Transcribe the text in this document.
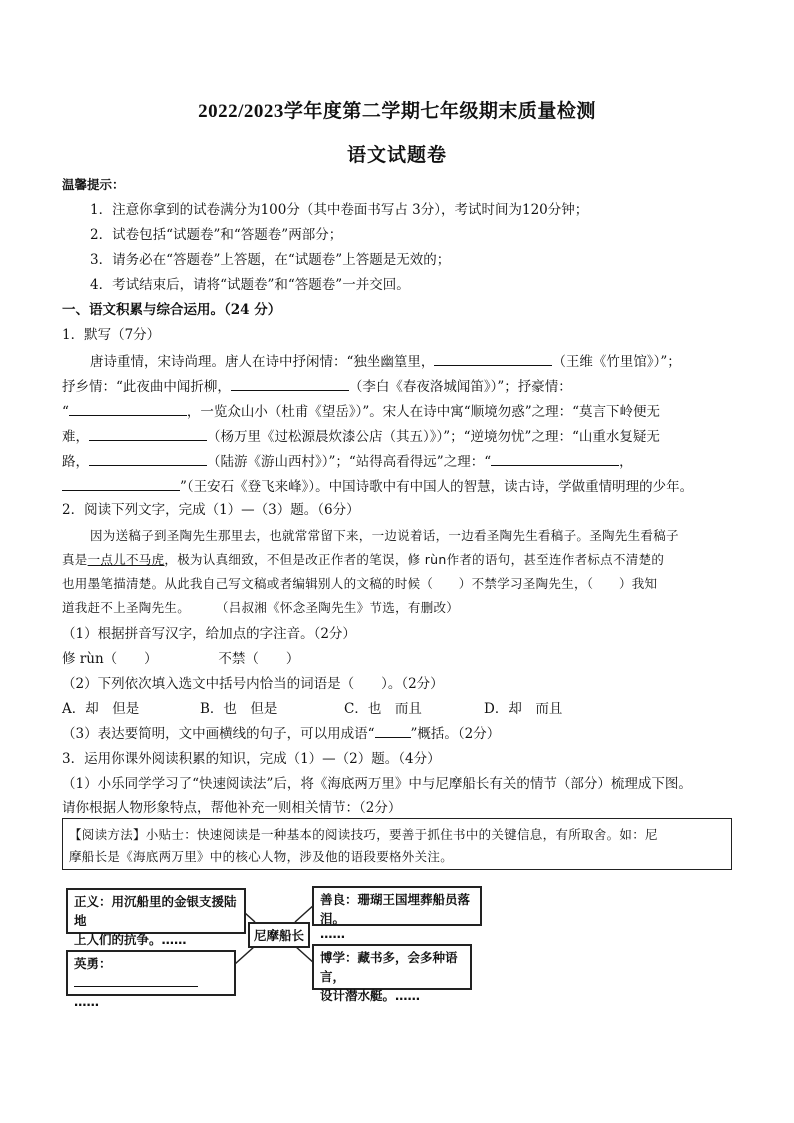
2022/2023学年度第二学期七年级期末质量检测
语文试题卷
温馨提示：
1．注意你拿到的试卷满分为100分（其中卷面书写占 3分），考试时间为120分钟；
2．试卷包括“试题卷”和“答题卷”两部分；
3．请务必在“答题卷”上答题，在“试题卷”上答题是无效的；
4．考试结束后，请将“试题卷”和“答题卷”一并交回。
一、语文积累与综合运用。（24 分）
1．默写（7分）
唐诗重情，宋诗尚理。唐人在诗中抒闲情：“独坐幽篁里，	（王维《竹里馆》）”；
抒乡情：“此夜曲中闻折柳，	（李白《春夜洛城闻笛》）”；抒豪情：
“	，一览众山小（杜甫《望岳》）”。宋人在诗中寓“顺境勿惑”之理：“莫言下岭便无
难，	（杨万里《过松源晨炊漆公店（其五）》）”；“逆境勿忧”之理：“山重水复疑无
路，	（陆游《游山西村》）”；“站得高看得远”之理：“	，
”（王安石《登飞来峰》）。中国诗歌中有中国人的智慧，读古诗，学做重情明理的少年。
2．阅读下列文字，完成（1）—（3）题。（6分）
因为送稿子到圣陶先生那里去，也就常常留下来，一边说着话，一边看圣陶先生看稿子。圣陶先生看稿子
真是一点儿不马虎，极为认真细致，不但是改正作者的笔误，修 rùn作者的语句，甚至连作者标点不清楚的
也用墨笔描清楚。从此我自己写文稿或者编辑别人的文稿的时候（　　）不禁学习圣陶先生，（　　）我知
道我赶不上圣陶先生。　　　（吕叔湘《怀念圣陶先生》节选，有删改）
（1）根据拼音写汉字，给加点的字注音。（2分）
修 rùn（　　）　　　　　不禁（　　）
（2）下列依次填入选文中括号内恰当的词语是（　　）。（2分）
A．却　但是	B．也　但是	C．也　而且	D．却　而且
（3）表达要简明，文中画横线的句子，可以用成语“	”概括。（2分）
3．运用你课外阅读积累的知识，完成（1）—（2）题。（4分）
（1）小乐同学学习了“快速阅读法”后，将《海底两万里》中与尼摩船长有关的情节（部分）梳理成下图。
请你根据人物形象特点，帮他补充一则相关情节：（2分）
【阅读方法】小贴士：快速阅读是一种基本的阅读技巧，要善于抓住书中的关键信息，有所取舍。如：尼
摩船长是《海底两万里》中的核心人物，涉及他的语段要格外关注。
正义：用沉船里的金银支援陆地
上人们的抗争。……
善良：珊瑚王国埋葬船员落泪。
……
尼摩船长
英勇：
……
博学：藏书多，会多种语言，
设计潜水艇。……
